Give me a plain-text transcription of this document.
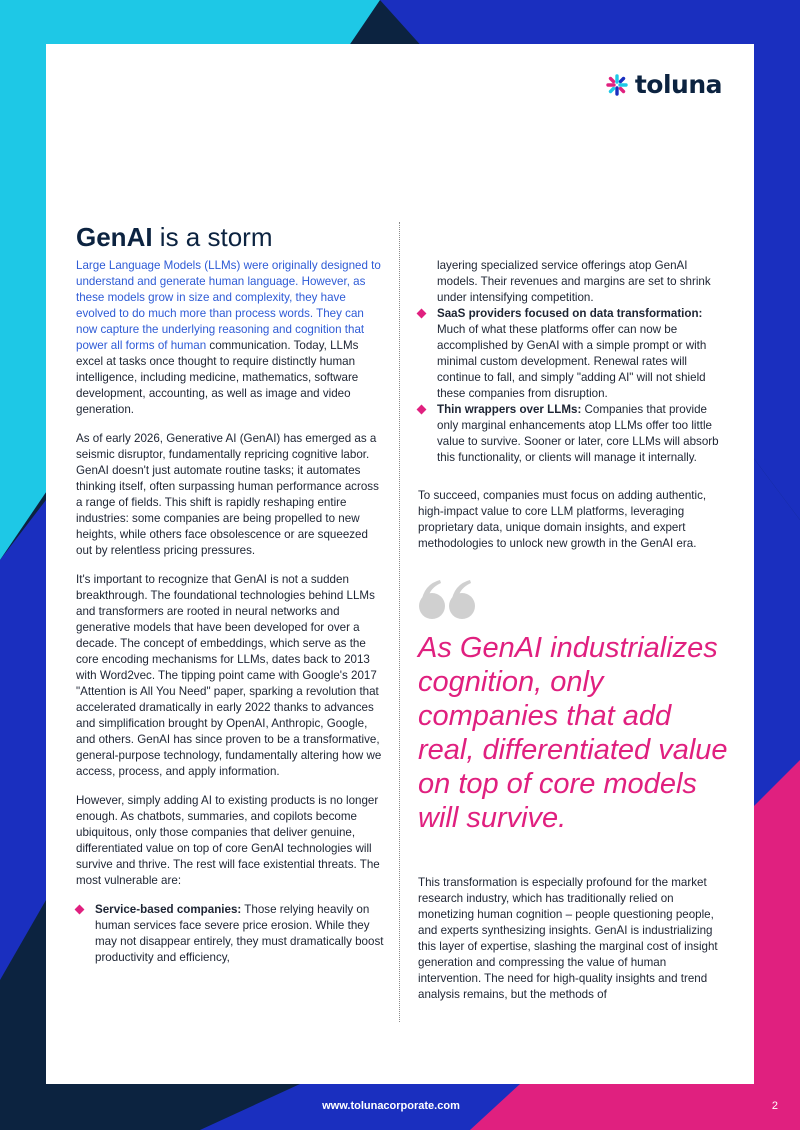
toluna
GenAI is a storm

Large Language Models (LLMs) were originally designed to understand and generate human language. However, as these models grow in size and complexity, they have evolved to do much more than process words. They can now capture the underlying reasoning and cognition that power all forms of human communication. Today, LLMs excel at tasks once thought to require distinctly human intelligence, including medicine, mathematics, software development, accounting, as well as image and video generation.

As of early 2026, Generative AI (GenAI) has emerged as a seismic disruptor, fundamentally repricing cognitive labor. GenAI doesn't just automate routine tasks; it automates thinking itself, often surpassing human performance across a range of fields. This shift is rapidly reshaping entire industries: some companies are being propelled to new heights, while others face obsolescence or are squeezed out by relentless pricing pressures.

It's important to recognize that GenAI is not a sudden breakthrough. The foundational technologies behind LLMs and transformers are rooted in neural networks and generative models that have been developed for over a decade. The concept of embeddings, which serve as the core encoding mechanisms for LLMs, dates back to 2013 with Word2vec. The tipping point came with Google's 2017 "Attention is All You Need" paper, sparking a revolution that accelerated dramatically in early 2022 thanks to advances and simplification brought by OpenAI, Anthropic, Google, and others. GenAI has since proven to be a transformative, general-purpose technology, fundamentally altering how we access, process, and apply information.

However, simply adding AI to existing products is no longer enough. As chatbots, summaries, and copilots become ubiquitous, only those companies that deliver genuine, differentiated value on top of core GenAI technologies will survive and thrive. The rest will face existential threats. The most vulnerable are:

Service-based companies: Those relying heavily on human services face severe price erosion. While they may not disappear entirely, they must dramatically boost productivity and efficiency,

layering specialized service offerings atop GenAI models. Their revenues and margins are set to shrink under intensifying competition.

SaaS providers focused on data transformation: Much of what these platforms offer can now be accomplished by GenAI with a simple prompt or with minimal custom development. Renewal rates will continue to fall, and simply "adding AI" will not shield these companies from disruption.
Thin wrappers over LLMs: Companies that provide only marginal enhancements atop LLMs offer too little value to survive. Sooner or later, core LLMs will absorb this functionality, or clients will manage it internally.

To succeed, companies must focus on adding authentic, high-impact value to core LLM platforms, leveraging proprietary data, unique domain insights, and expert methodologies to unlock new growth in the GenAI era.

As GenAI industrializes cognition, only companies that add real, differentiated value on top of core models will survive.

This transformation is especially profound for the market research industry, which has traditionally relied on monetizing human cognition – people questioning people, and experts synthesizing insights. GenAI is industrializing this layer of expertise, slashing the marginal cost of insight generation and compressing the value of human intervention. The need for high-quality insights and trend analysis remains, but the methods of

www.tolunacorporate.com	2
